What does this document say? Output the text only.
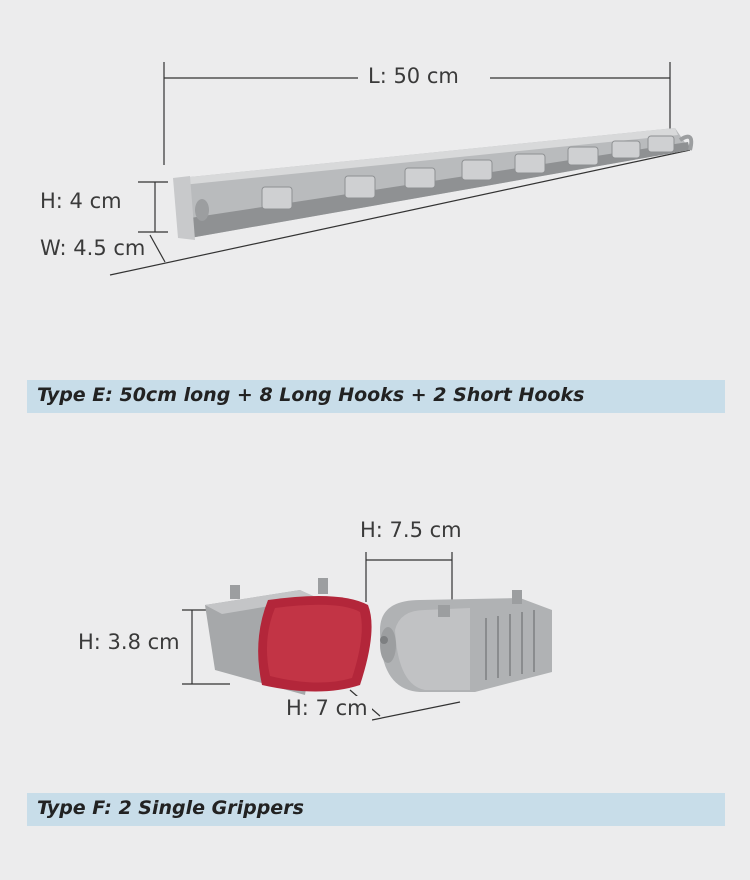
L: 50 cm
H: 4 cm
W: 4.5 cm
Type E: 50cm long + 8 Long Hooks + 2 Short Hooks
H: 7.5 cm
H: 3.8 cm
H: 7 cm
Type F: 2 Single Grippers
